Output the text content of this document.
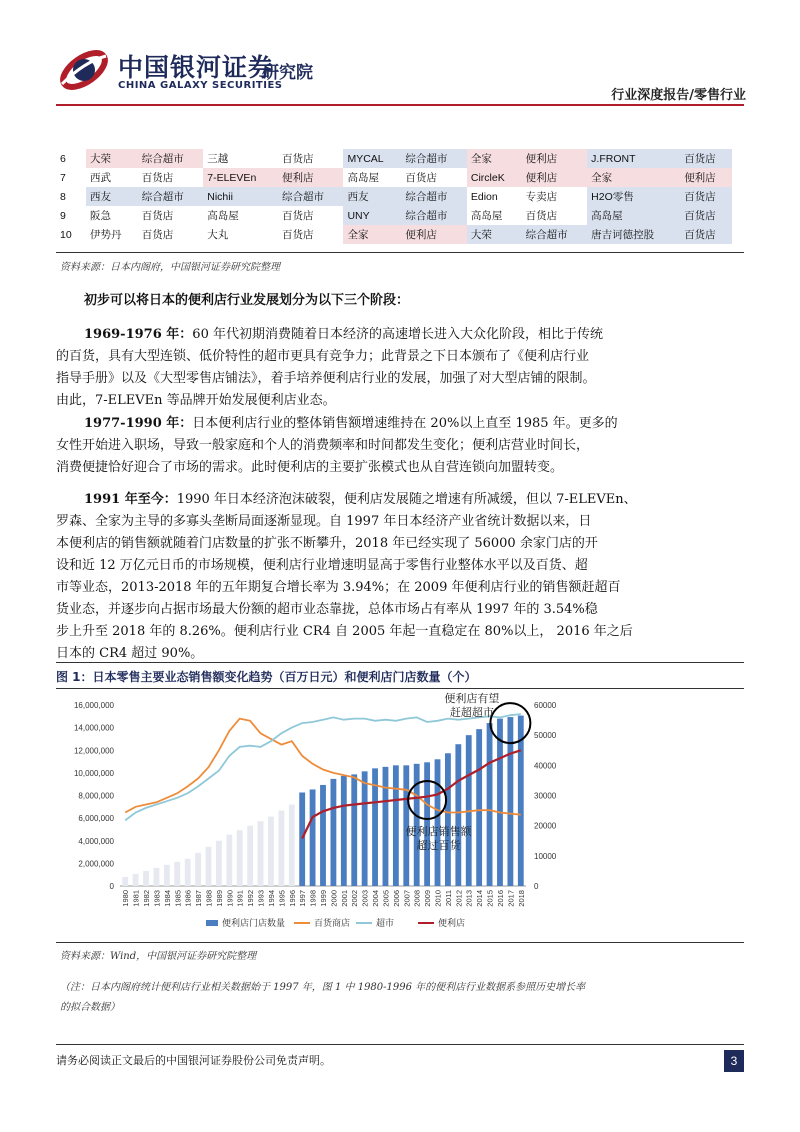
中国银河证券
CHINA GALAXY SECURITIES
研究院
行业深度报告/零售行业
6	大荣	综合超市	三越	百货店	MYCAL	综合超市	全家	便利店	J.FRONT	百货店
7	西武	百货店	7-ELEVEn	便利店	高岛屋	百货店	CircleK	便利店	全家	便利店
8	西友	综合超市	Nichii	综合超市	西友	综合超市	Edion	专卖店	H2O零售	百货店
9	阪急	百货店	高岛屋	百货店	UNY	综合超市	高岛屋	百货店	高岛屋	百货店
10	伊势丹	百货店	大丸	百货店	全家	便利店	大荣	综合超市	唐吉诃德控股	百货店
资料来源：日本内阁府，中国银河证券研究院整理
初步可以将日本的便利店行业发展划分为以下三个阶段：
1969-1976 年：60 年代初期消费随着日本经济的高速增长进入大众化阶段，相比于传统
的百货，具有大型连锁、低价特性的超市更具有竞争力；此背景之下日本颁布了《便利店行业
指导手册》以及《大型零售店铺法》，着手培养便利店行业的发展，加强了对大型店铺的限制。
由此，7-ELEVEn 等品牌开始发展便利店业态。
1977-1990 年：日本便利店行业的整体销售额增速维持在 20%以上直至 1985 年。更多的
女性开始进入职场，导致一般家庭和个人的消费频率和时间都发生变化；便利店营业时间长，
消费便捷恰好迎合了市场的需求。此时便利店的主要扩张模式也从自营连锁向加盟转变。
1991 年至今：1990 年日本经济泡沫破裂，便利店发展随之增速有所减缓，但以 7-ELEVEn、
罗森、全家为主导的多寡头垄断局面逐渐显现。自 1997 年日本经济产业省统计数据以来，日
本便利店的销售额就随着门店数量的扩张不断攀升，2018 年已经实现了 56000 余家门店的开
设和近 12 万亿元日币的市场规模，便利店行业增速明显高于零售行业整体水平以及百货、超
市等业态，2013-2018 年的五年期复合增长率为 3.94%；在 2009 年便利店行业的销售额赶超百
货业态，并逐步向占据市场最大份额的超市业态靠拢，总体市场占有率从 1997 年的 3.54%稳
步上升至 2018 年的 8.26%。便利店行业 CR4 自 2005 年起一直稳定在 80%以上， 2016 年之后
日本的 CR4 超过 90%。
图 1：日本零售主要业态销售额变化趋势（百万日元）和便利店门店数量（个）
0
2,000,000
4,000,000
6,000,000
8,000,000
10,000,000
12,000,000
14,000,000
16,000,000
0
10000
20000
30000
40000
50000
60000
1980 1981 1982 1983 1984 1985 1986 1987 1988 1989 1990 1991 1992 1993 1994 1995 1996 1997 1998 1999 2000 2001 2002 2003 2004 2005 2006 2007 2008 2009 2010 2011 2012 2013 2014 2015 2016 2017 2018
便利店有望
赶超超市
便利店销售额
超过百货
便利店门店数量	百货商店	超市	便利店
资料来源：Wind，中国银河证券研究院整理
（注：日本内阁府统计便利店行业相关数据始于 1997 年，图 1 中 1980-1996 年的便利店行业数据系参照历史增长率
的拟合数据）
请务必阅读正文最后的中国银河证券股份公司免责声明。	3
